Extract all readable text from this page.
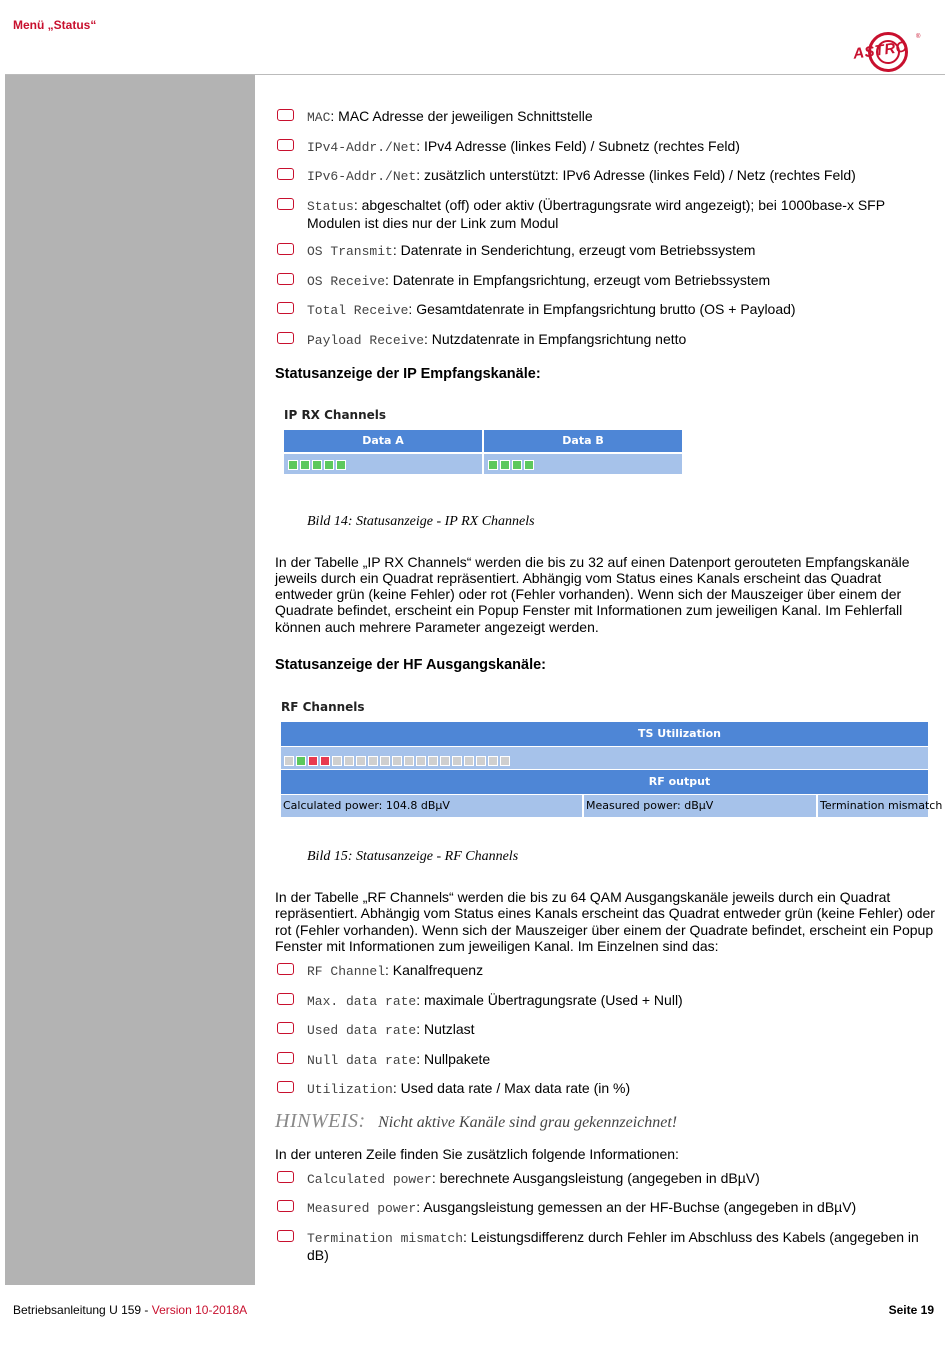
Menü „Status“
ASTRO
®
MAC: MAC Adresse der jeweiligen Schnittstelle
IPv4-Addr./Net: IPv4 Adresse (linkes Feld) / Subnetz (rechtes Feld)
IPv6-Addr./Net: zusätzlich unterstützt: IPv6 Adresse (linkes Feld) / Netz (rechtes Feld)
Status: abgeschaltet (off) oder aktiv (Übertragungsrate wird angezeigt); bei 1000base-x SFP Modulen ist dies nur der Link zum Modul
OS Transmit: Datenrate in Senderichtung, erzeugt vom Betriebssystem
OS Receive: Datenrate in Empfangsrichtung, erzeugt vom Betriebssystem
Total Receive: Gesamtdatenrate in Empfangsrichtung brutto (OS + Payload)
Payload Receive: Nutzdatenrate in Empfangsrichtung netto
Statusanzeige der IP Empfangskanäle:
IP RX Channels
Data A	Data B
Bild 14: Statusanzeige - IP RX Channels
In der Tabelle „IP RX Channels“ werden die bis zu 32 auf einen Datenport gerouteten Empfangskanäle jeweils durch ein Quadrat repräsentiert. Abhängig vom Status eines Kanals erscheint das Quadrat entweder grün (keine Fehler) oder rot (Fehler vorhanden). Wenn sich der Mauszeiger über einem der Quadrate befindet, erscheint ein Popup Fenster mit Informationen zum jeweiligen Kanal. Im Fehlerfall können auch mehrere Parameter angezeigt werden.
Statusanzeige der HF Ausgangskanäle:
RF Channels
TS Utilization
RF output
Calculated power: 104.8 dBµV	Measured power: dBµV	Termination mismatch
Bild 15: Statusanzeige - RF Channels
In der Tabelle „RF Channels“ werden die bis zu 64 QAM Ausgangskanäle jeweils durch ein Quadrat repräsentiert. Abhängig vom Status eines Kanals erscheint das Quadrat entweder grün (keine Fehler) oder rot (Fehler vorhanden). Wenn sich der Mauszeiger über einem der Quadrate befindet, erscheint ein Popup Fenster mit Informationen zum jeweiligen Kanal. Im Einzelnen sind das:
RF Channel: Kanalfrequenz
Max. data rate: maximale Übertragungsrate (Used + Null)
Used data rate: Nutzlast
Null data rate: Nullpakete
Utilization: Used data rate / Max data rate (in %)
HINWEIS: Nicht aktive Kanäle sind grau gekennzeichnet!
In der unteren Zeile finden Sie zusätzlich folgende Informationen:
Calculated power: berechnete Ausgangsleistung (angegeben in dBµV)
Measured power: Ausgangsleistung gemessen an der HF-Buchse (angegeben in dBµV)
Termination mismatch: Leistungsdifferenz durch Fehler im Abschluss des Kabels (angegeben in dB)
Betriebsanleitung U 159 - Version 10-2018A	Seite 19
